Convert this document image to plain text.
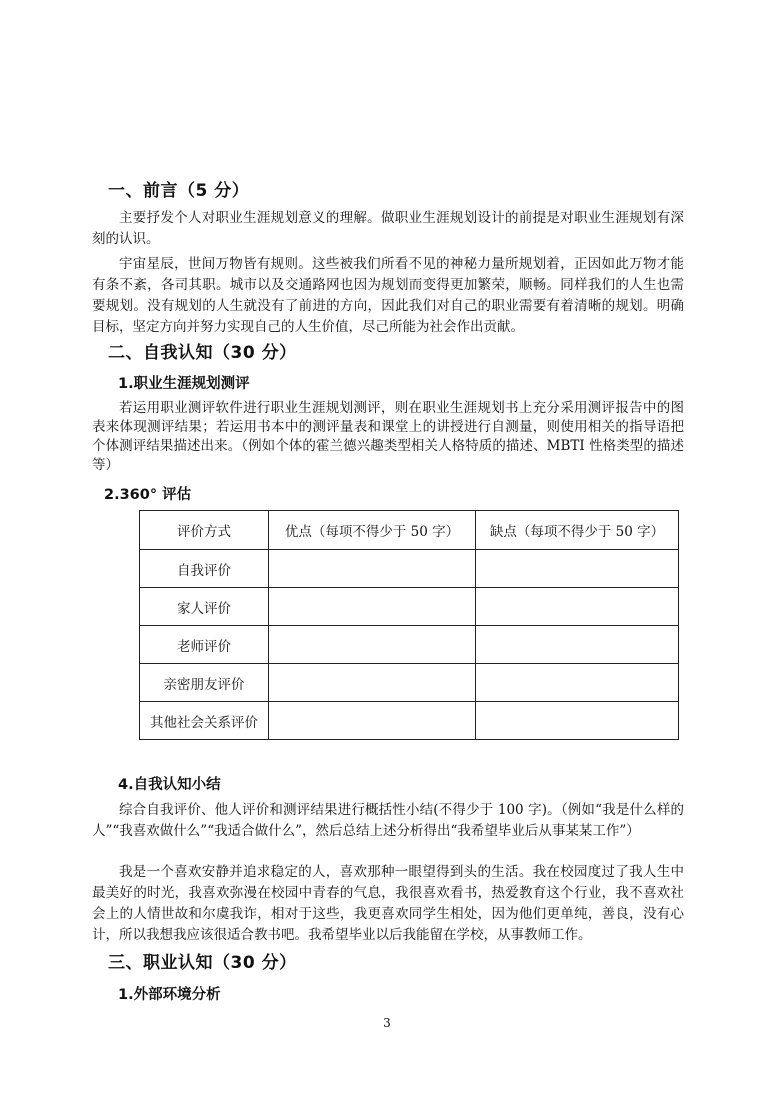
一、前言（5 分）
主要抒发个人对职业生涯规划意义的理解。做职业生涯规划设计的前提是对职业生涯规划有深刻的认识。
宇宙星辰，世间万物皆有规则。这些被我们所看不见的神秘力量所规划着，正因如此万物才能有条不紊，各司其职。城市以及交通路网也因为规划而变得更加繁荣，顺畅。同样我们的人生也需要规划。没有规划的人生就没有了前进的方向，因此我们对自己的职业需要有着清晰的规划。明确目标，坚定方向并努力实现自己的人生价值，尽己所能为社会作出贡献。
二、自我认知（30 分）
1.职业生涯规划测评
若运用职业测评软件进行职业生涯规划测评，则在职业生涯规划书上充分采用测评报告中的图表来体现测评结果；若运用书本中的测评量表和课堂上的讲授进行自测量，则使用相关的指导语把个体测评结果描述出来。（例如个体的霍兰德兴趣类型相关人格特质的描述、MBTI 性格类型的描述等）
2.360° 评估
评价方式	优点（每项不得少于 50 字）	缺点（每项不得少于 50 字）
自我评价		
家人评价		
老师评价		
亲密朋友评价		
其他社会关系评价		
4.自我认知小结
综合自我评价、他人评价和测评结果进行概括性小结(不得少于 100 字)。（例如“我是什么样的人”“我喜欢做什么”“我适合做什么”，然后总结上述分析得出“我希望毕业后从事某某工作”）
我是一个喜欢安静并追求稳定的人，喜欢那种一眼望得到头的生活。我在校园度过了我人生中最美好的时光，我喜欢弥漫在校园中青春的气息，我很喜欢看书，热爱教育这个行业，我不喜欢社会上的人情世故和尔虞我诈，相对于这些，我更喜欢同学生相处，因为他们更单纯，善良，没有心计，所以我想我应该很适合教书吧。我希望毕业以后我能留在学校，从事教师工作。
三、职业认知（30 分）
1.外部环境分析
3
